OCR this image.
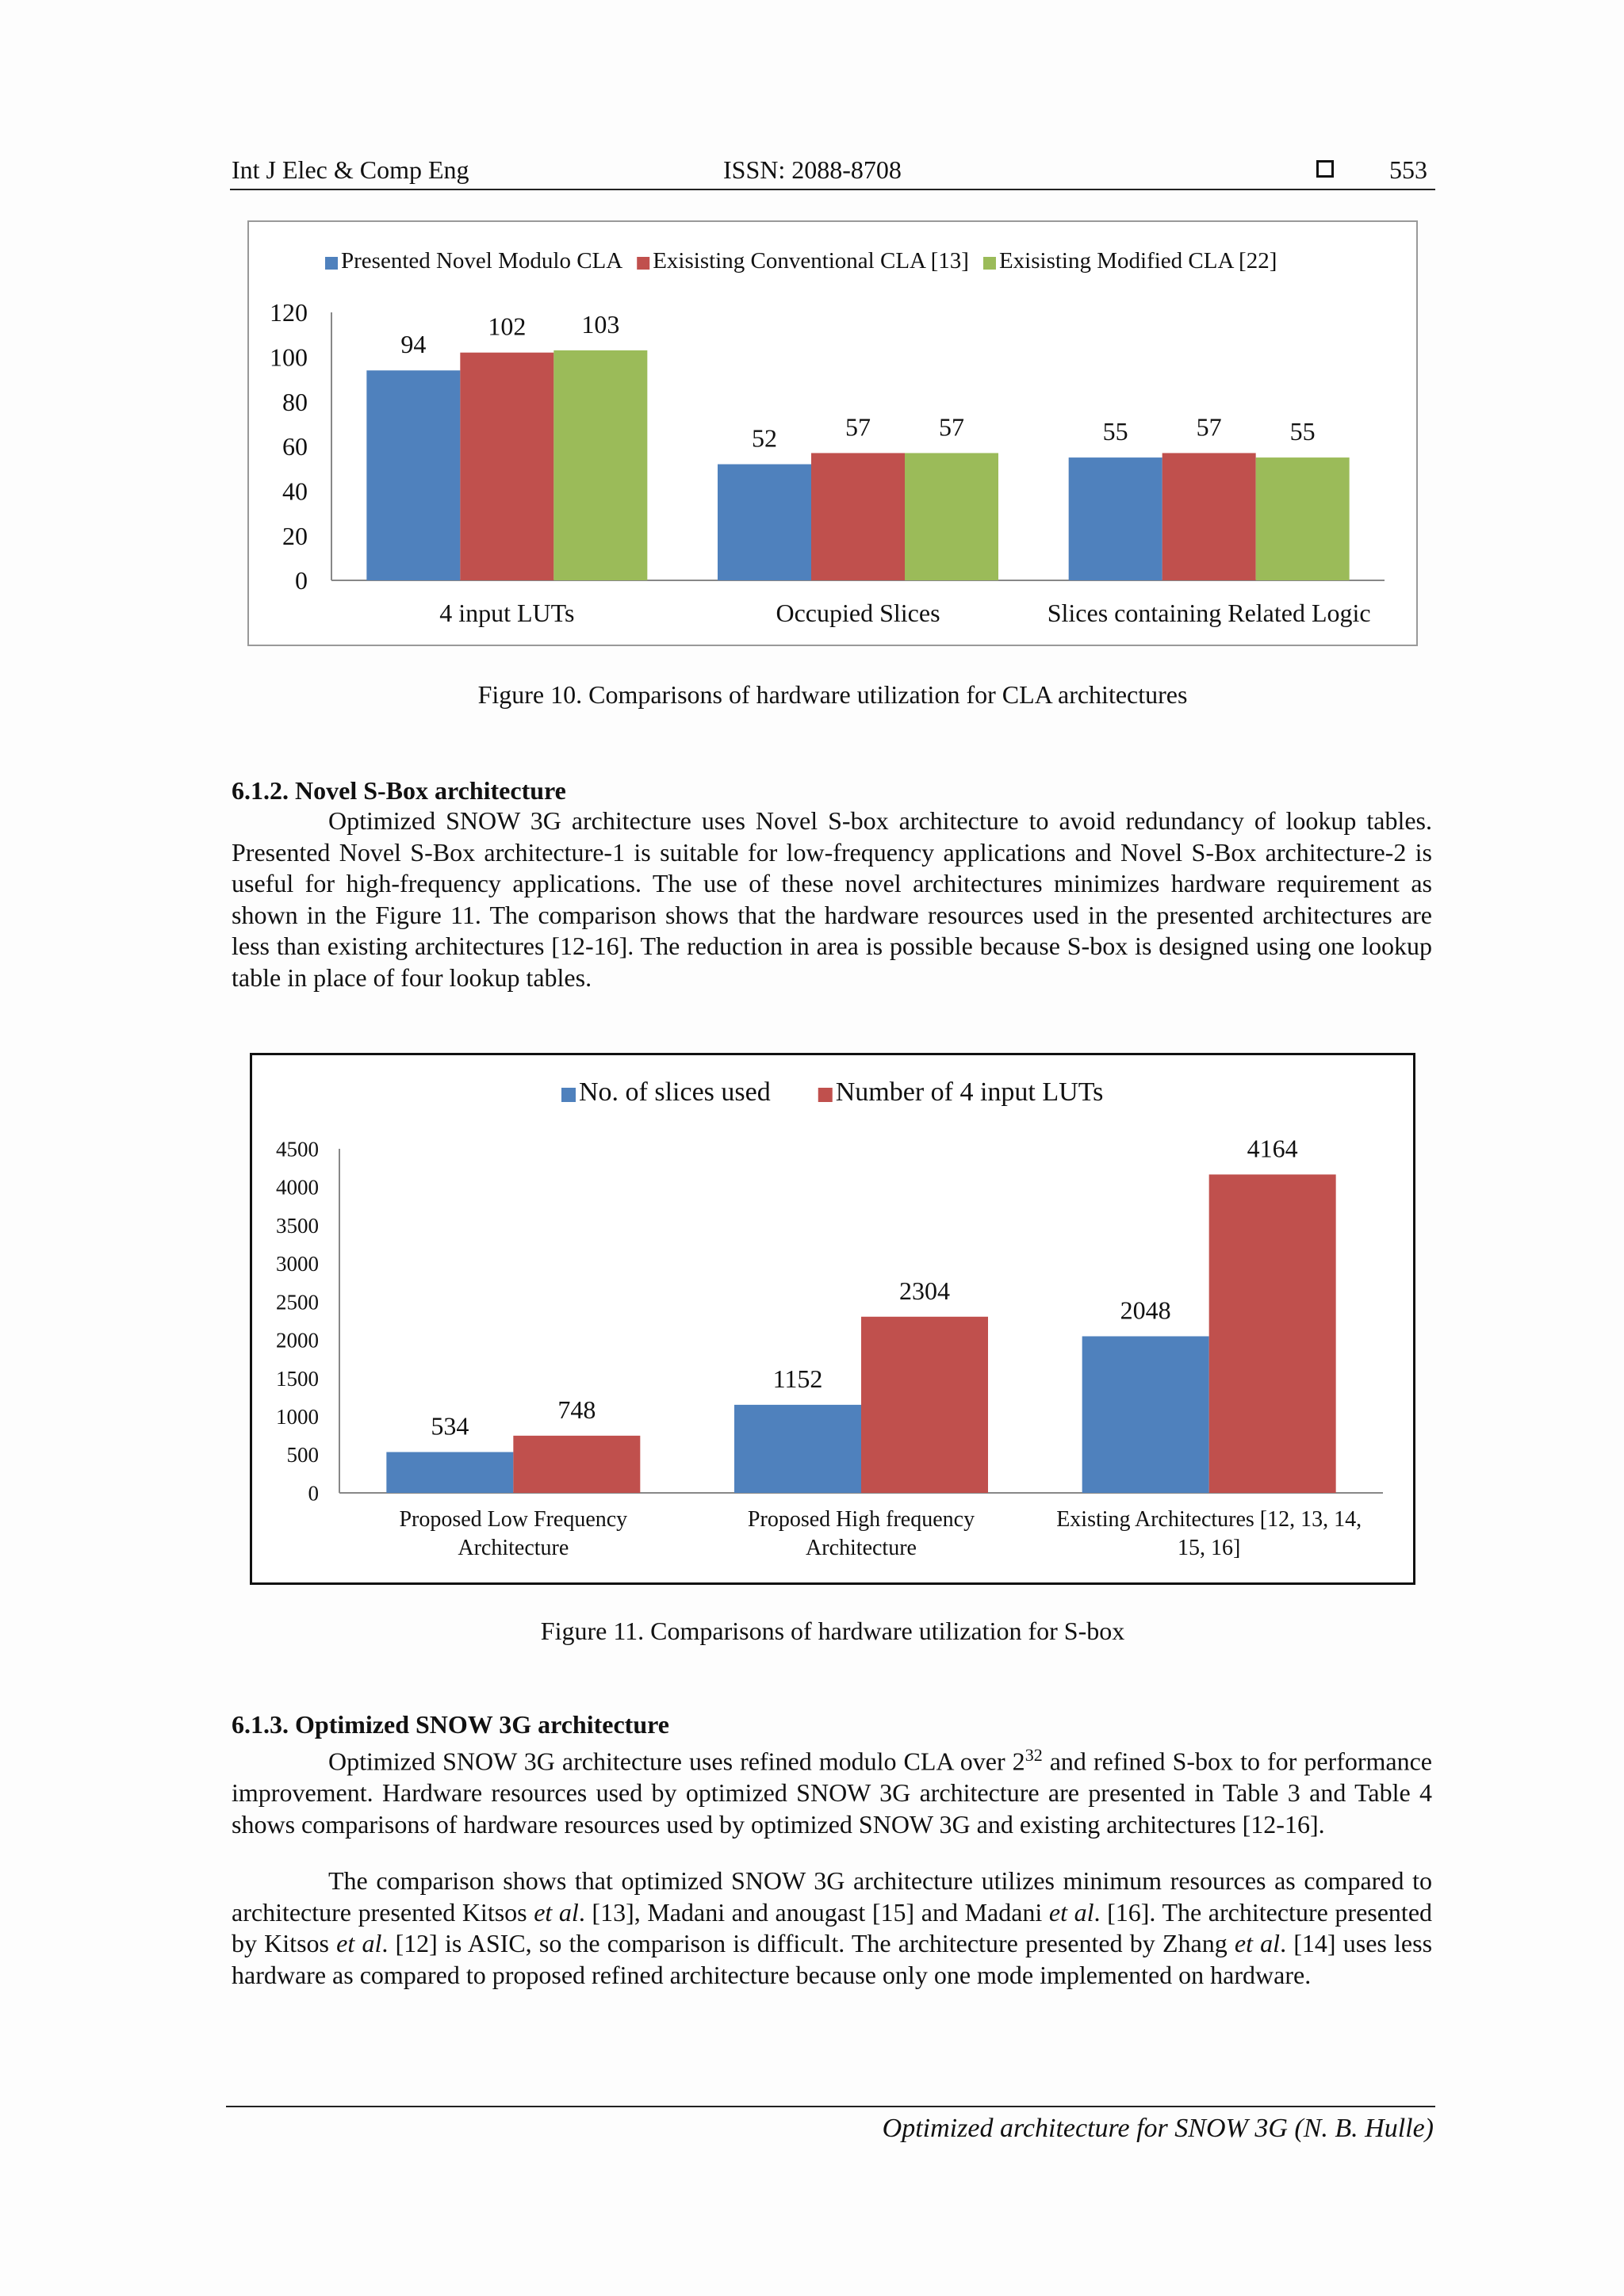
Int J Elec & Comp Eng	ISSN: 2088-8708	553
Presented Novel Modulo CLA Exisisting Conventional CLA [13] Exisisting Modified CLA [22]
0
20
40
60
80
100
120
94
102 103
4 input LUTs
52	57	57
Occupied Slices
55	57	55
Slices containing Related Logic
Figure 10. Comparisons of hardware utilization for CLA architectures
6.1.2. Novel S-Box architecture
Optimized SNOW 3G architecture uses Novel S-box architecture to avoid redundancy of lookup tables. Presented Novel S-Box architecture-1 is suitable for low-frequency applications and Novel S-Box architecture-2 is useful for high-frequency applications. The use of these novel architectures minimizes hardware requirement as shown in the Figure 11. The comparison shows that the hardware resources used in the presented architectures are less than existing architectures [12-16]. The reduction in area is possible because S-box is designed using one lookup table in place of four lookup tables.
No. of slices used Number of 4 input LUTs
0
500
1000
1500
2000
2500
3000
3500
4000
4500
534
748
Proposed Low Frequency
Architecture
1152
2304
Proposed High frequency
Architecture
2048
4164
Existing Architectures [12, 13, 14,
15, 16]
Figure 11. Comparisons of hardware utilization for S-box
6.1.3. Optimized SNOW 3G architecture
Optimized SNOW 3G architecture uses refined modulo CLA over $2^{32}$ and refined S-box to for performance improvement. Hardware resources used by optimized SNOW 3G architecture are presented in Table 3 and Table 4 shows comparisons of hardware resources used by optimized SNOW 3G and existing architectures [12-16].
The comparison shows that optimized SNOW 3G architecture utilizes minimum resources as compared to architecture presented Kitsos et al. [13], Madani and anougast [15] and Madani et al. [16]. The architecture presented by Kitsos et al. [12] is ASIC, so the comparison is difficult. The architecture presented by Zhang et al. [14] uses less hardware as compared to proposed refined architecture because only one mode implemented on hardware.
Optimized architecture for SNOW 3G (N. B. Hulle)
